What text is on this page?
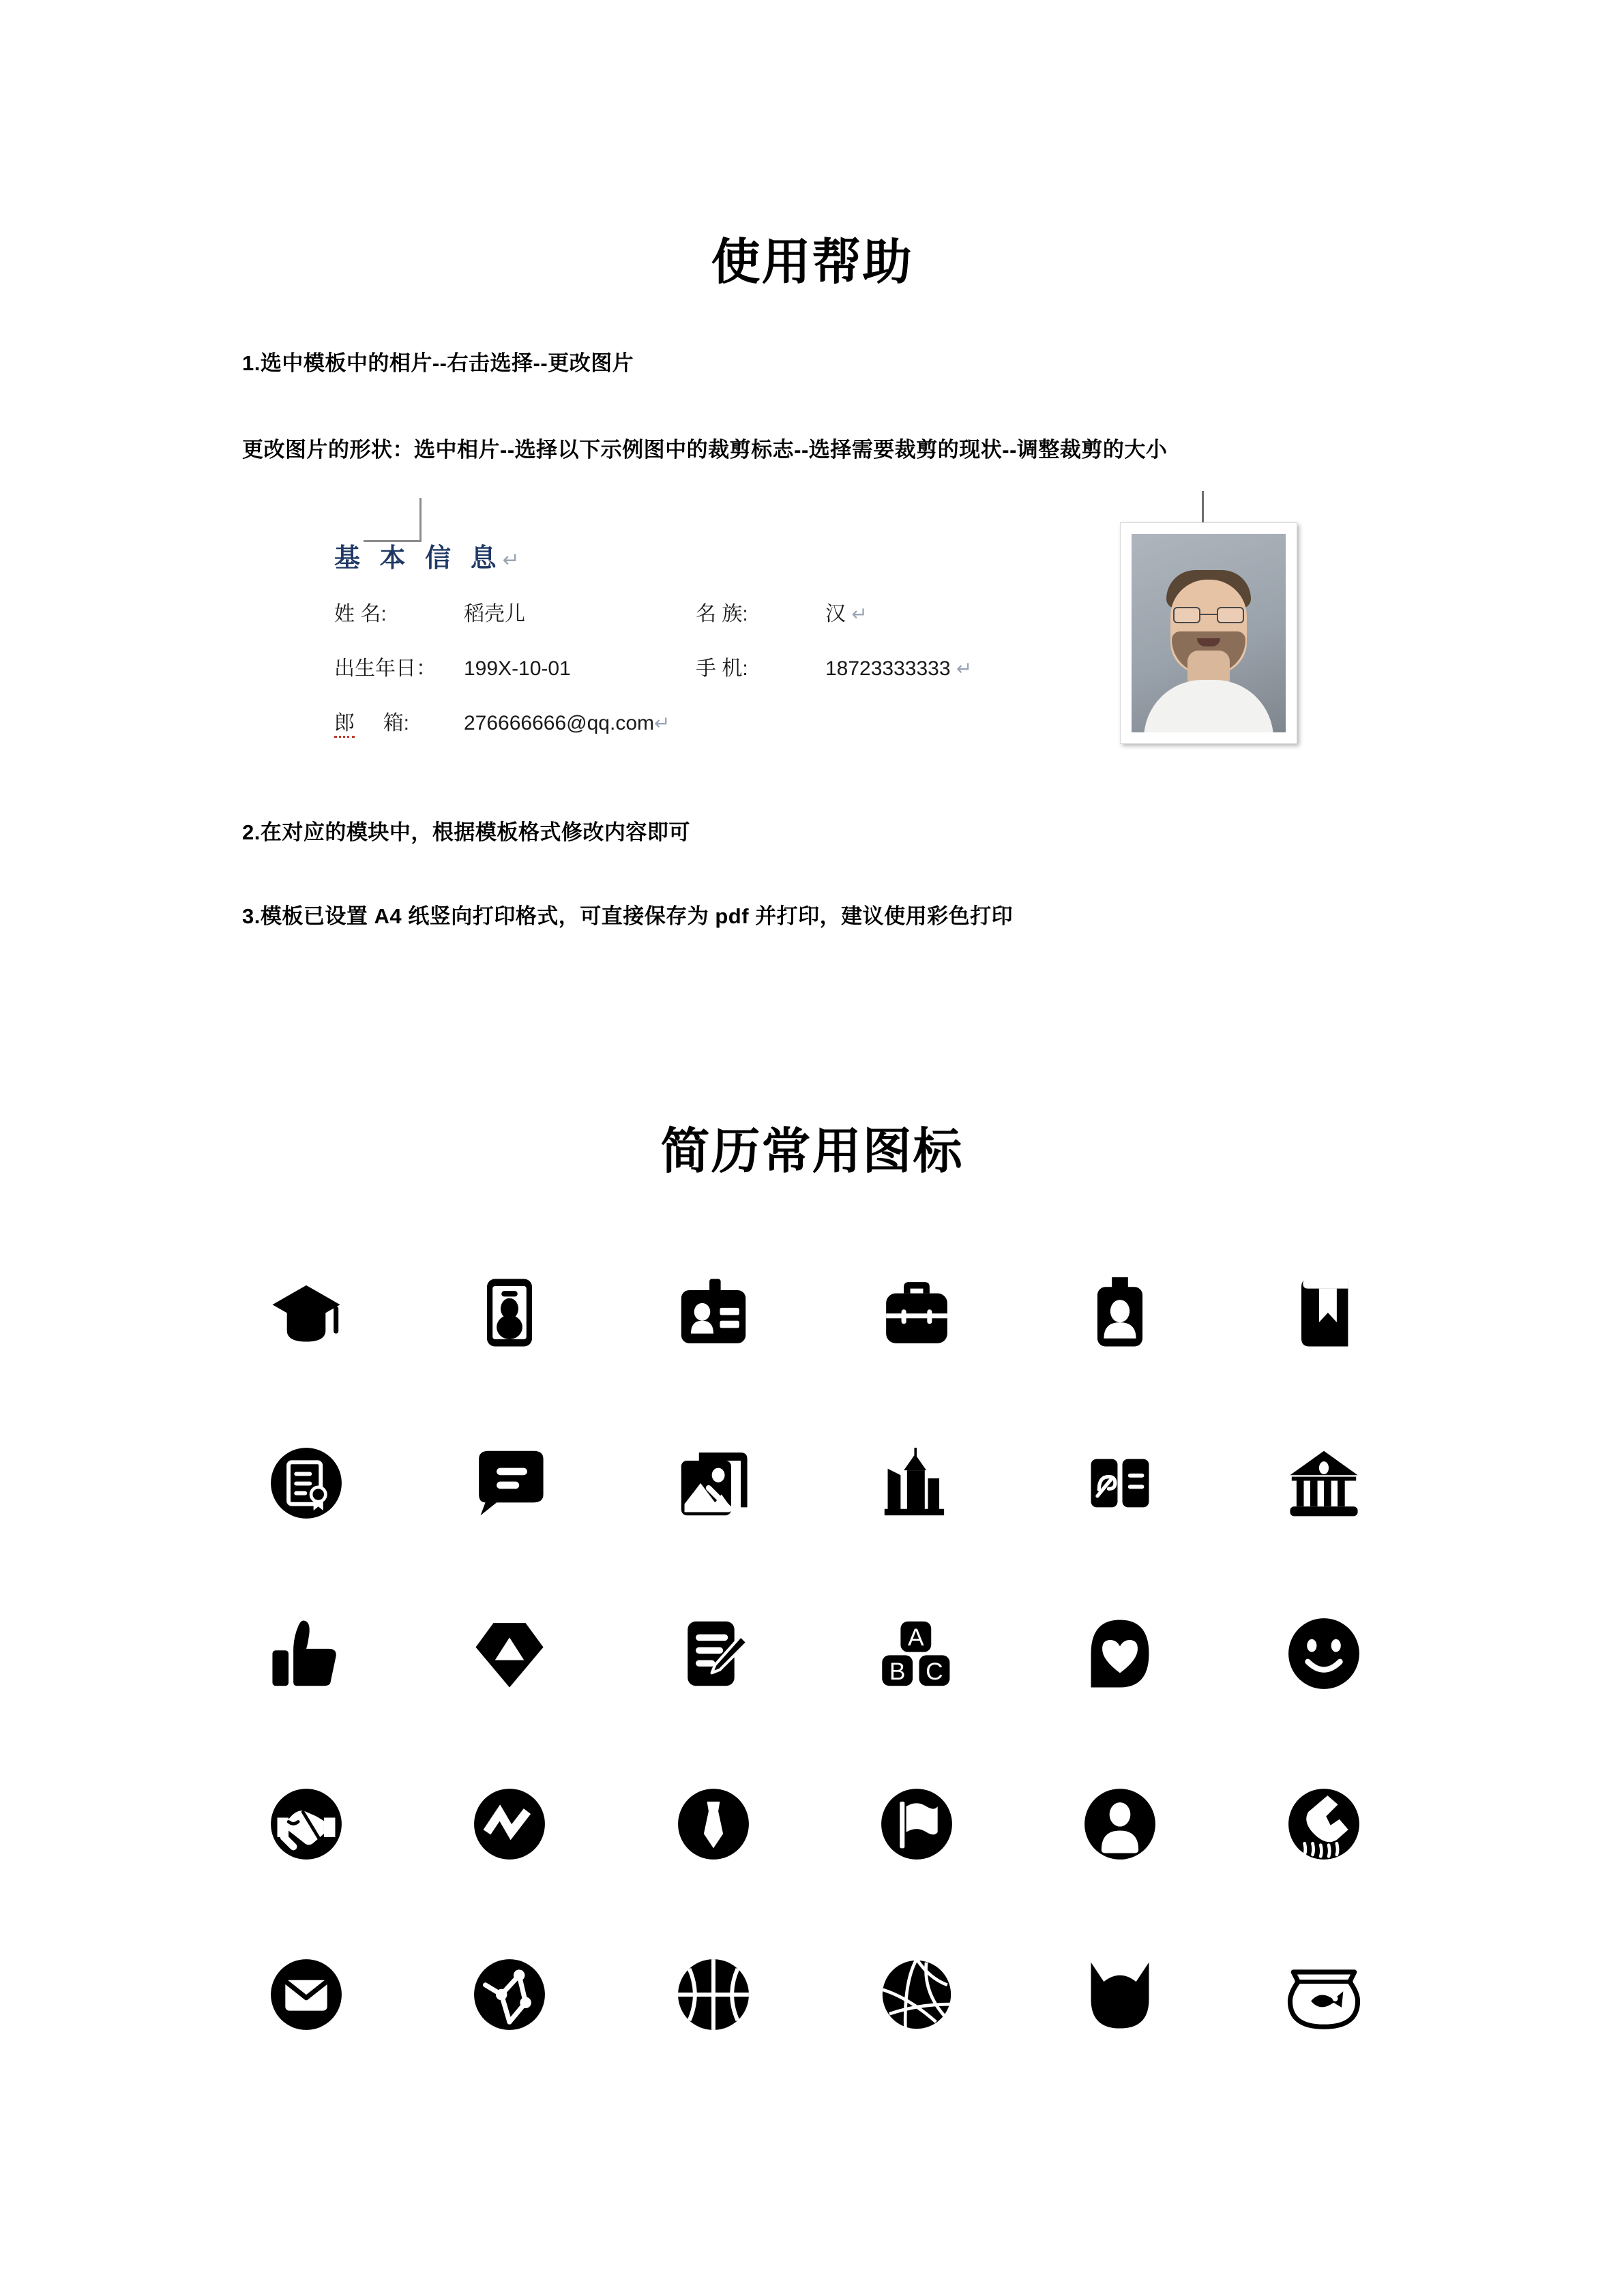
使用帮助
1.选中模板中的相片--右击选择--更改图片
更改图片的形状：选中相片--选择以下示例图中的裁剪标志--选择需要裁剪的现状--调整裁剪的大小
基 本 信 息↵
姓 名:	稻壳儿	名 族:	汉 ↵
出生年日： 199X-10-01	手 机:	18723333333 ↵
郎 箱:	276666666@qq.com↵
2.在对应的模块中，根据模板格式修改内容即可
3.模板已设置 A4 纸竖向打印格式，可直接保存为 pdf 并打印，建议使用彩色打印
简历常用图标
A
B C
